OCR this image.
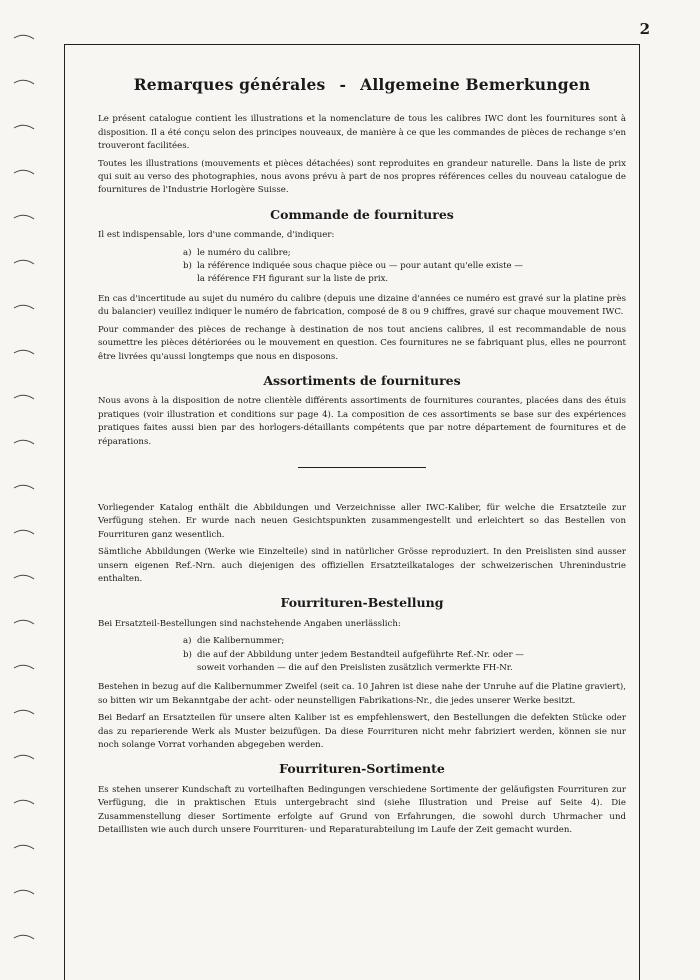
2
Remarques générales - Allgemeine Bemerkungen

Le présent catalogue contient les illustrations et la nomenclature de tous les calibres IWC dont les fournitures sont à disposition. Il a été conçu selon des principes nouveaux, de manière à ce que les commandes de pièces de rechange s'en trouveront facilitées.

Toutes les illustrations (mouvements et pièces détachées) sont reproduites en grandeur naturelle. Dans la liste de prix qui suit au verso des photographies, nous avons prévu à part de nos propres références celles du nouveau catalogue de fournitures de l'Industrie Horlogère Suisse.

Commande de fournitures

Il est indispensable, lors d'une commande, d'indiquer:

a) le numéro du calibre;
b) la référence indiquée sous chaque pièce ou — pour autant qu'elle existe —
la référence FH figurant sur la liste de prix.

En cas d'incertitude au sujet du numéro du calibre (depuis une dizaine d'années ce numéro est gravé sur la platine près du balancier) veuillez indiquer le numéro de fabrication, composé de 8 ou 9 chiffres, gravé sur chaque mouvement IWC.

Pour commander des pièces de rechange à destination de nos tout anciens calibres, il est recommandable de nous soumettre les pièces détériorées ou le mouvement en question. Ces fournitures ne se fabriquant plus, elles ne pourront être livrées qu'aussi longtemps que nous en disposons.

Assortiments de fournitures

Nous avons à la disposition de notre clientèle différents assortiments de fournitures courantes, placées dans des étuis pratiques (voir illustration et conditions sur page 4). La composition de ces assortiments se base sur des expériences pratiques faites aussi bien par des horlogers-détaillants compétents que par notre département de fournitures et de réparations.

Vorliegender Katalog enthält die Abbildungen und Verzeichnisse aller IWC-Kaliber, für welche die Ersatzteile zur Verfügung stehen. Er wurde nach neuen Gesichtspunkten zusammengestellt und erleichtert so das Bestellen von Fourrituren ganz wesentlich.

Sämtliche Abbildungen (Werke wie Einzelteile) sind in natürlicher Grösse reproduziert. In den Preislisten sind ausser unsern eigenen Ref.-Nrn. auch diejenigen des offiziellen Ersatzteilkataloges der schweizerischen Uhrenindustrie enthalten.

Fourrituren-Bestellung

Bei Ersatzteil-Bestellungen sind nachstehende Angaben unerlässlich:

a) die Kalibernummer;
b) die auf der Abbildung unter jedem Bestandteil aufgeführte Ref.-Nr. oder —
soweit vorhanden — die auf den Preislisten zusätzlich vermerkte FH-Nr.

Bestehen in bezug auf die Kalibernummer Zweifel (seit ca. 10 Jahren ist diese nahe der Unruhe auf die Platine graviert), so bitten wir um Bekanntgabe der acht- oder neunstelligen Fabrikations-Nr., die jedes unserer Werke besitzt.

Bei Bedarf an Ersatzteilen für unsere alten Kaliber ist es empfehlenswert, den Bestellungen die defekten Stücke oder das zu reparierende Werk als Muster beizufügen. Da diese Fourrituren nicht mehr fabriziert werden, können sie nur noch solange Vorrat vorhanden abgegeben werden.

Fourrituren-Sortimente

Es stehen unserer Kundschaft zu vorteilhaften Bedingungen verschiedene Sortimente der geläufigsten Fourrituren zur Verfügung, die in praktischen Etuis untergebracht sind (siehe Illustration und Preise auf Seite 4). Die Zusammenstellung dieser Sortimente erfolgte auf Grund von Erfahrungen, die sowohl durch Uhrmacher und Detaillisten wie auch durch unsere Fourrituren- und Reparaturabteilung im Laufe der Zeit gemacht wurden.
